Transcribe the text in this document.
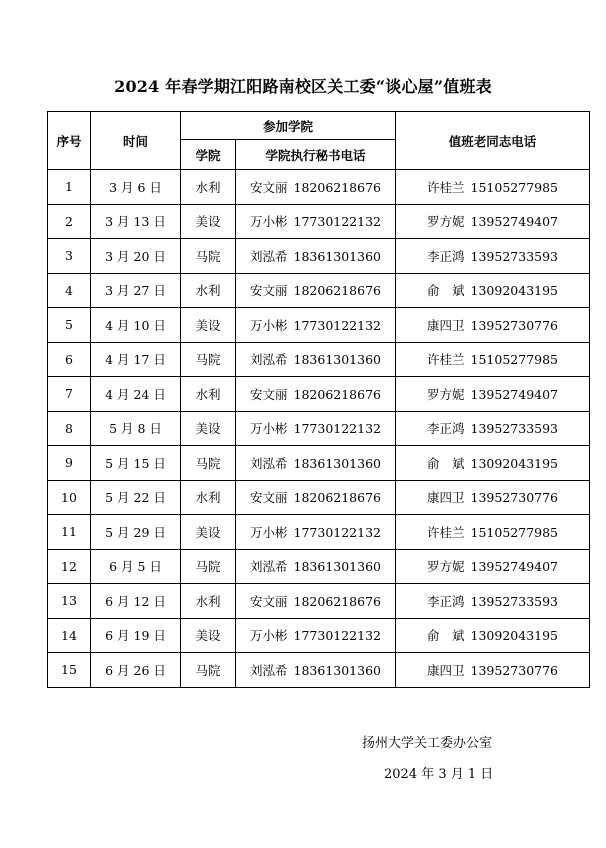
2024 年春学期江阳路南校区关工委“谈心屋”值班表
序号	时间	参加学院		值班老同志电话
		学院	学院执行秘书电话	
1	3 月 6 日	水利	安文丽 18206218676	许桂兰 15105277985
2	3 月 13 日	美设	万小彬 17730122132	罗方妮 13952749407
3	3 月 20 日	马院	刘泓希 18361301360	李正鸿 13952733593
4	3 月 27 日	水利	安文丽 18206218676	俞　斌 13092043195
5	4 月 10 日	美设	万小彬 17730122132	康四卫 13952730776
6	4 月 17 日	马院	刘泓希 18361301360	许桂兰 15105277985
7	4 月 24 日	水利	安文丽 18206218676	罗方妮 13952749407
8	5 月 8 日	美设	万小彬 17730122132	李正鸿 13952733593
9	5 月 15 日	马院	刘泓希 18361301360	俞　斌 13092043195
10	5 月 22 日	水利	安文丽 18206218676	康四卫 13952730776
11	5 月 29 日	美设	万小彬 17730122132	许桂兰 15105277985
12	6 月 5 日	马院	刘泓希 18361301360	罗方妮 13952749407
13	6 月 12 日	水利	安文丽 18206218676	李正鸿 13952733593
14	6 月 19 日	美设	万小彬 17730122132	俞　斌 13092043195
15	6 月 26 日	马院	刘泓希 18361301360	康四卫 13952730776
扬州大学关工委办公室
2024 年 3 月 1 日
